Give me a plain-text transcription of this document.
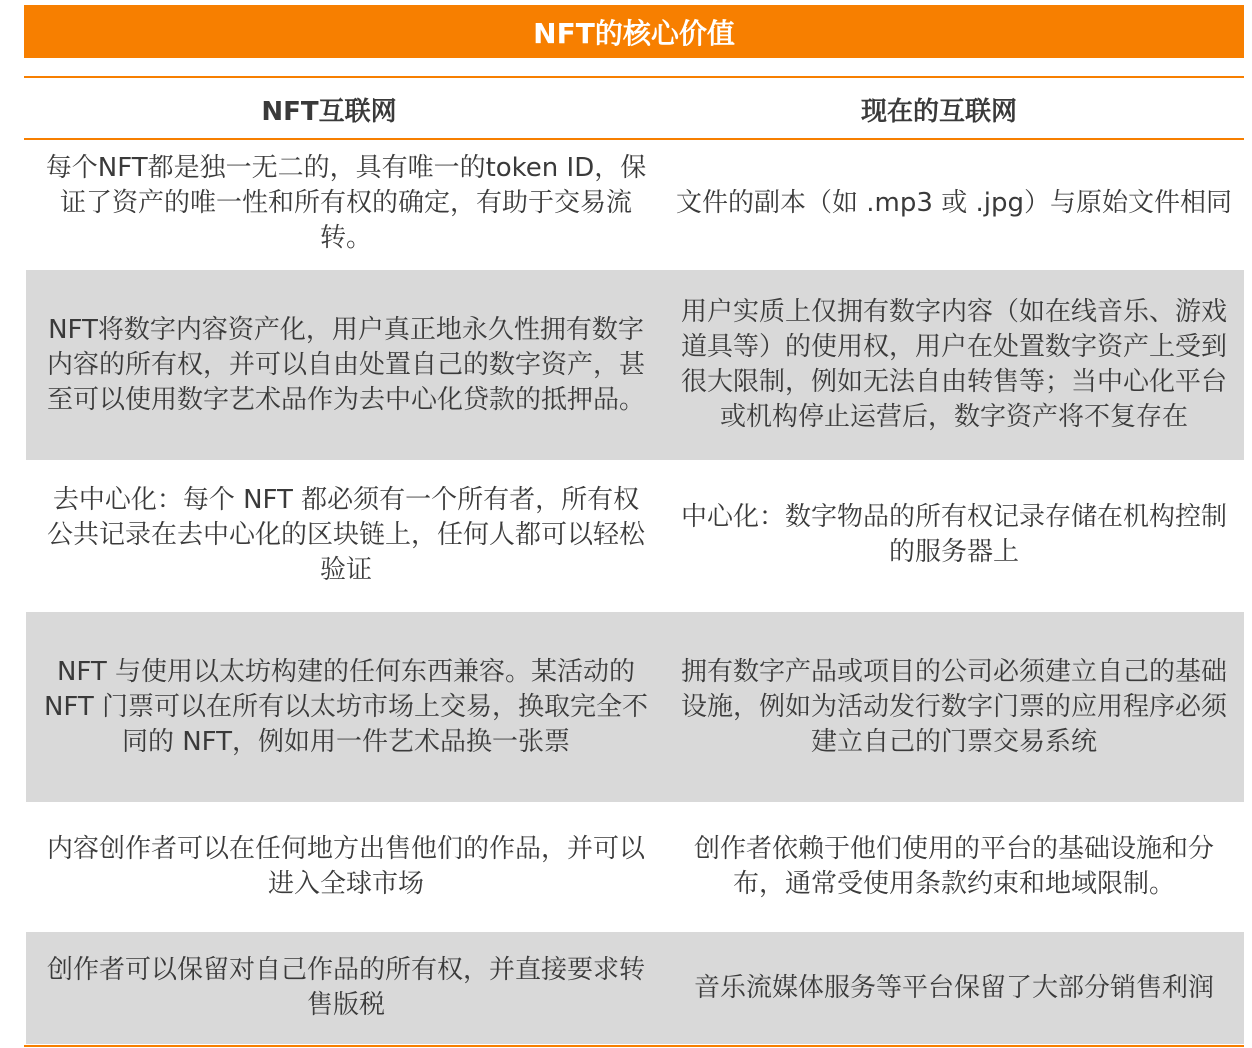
NFT的核心价值
NFT互联网	现在的互联网
每个NFT都是独一无二的，具有唯一的token ID，保证了资产的唯一性和所有权的确定，有助于交易流转。
文件的副本（如 .mp3 或 .jpg）与原始文件相同
NFT将数字内容资产化，用户真正地永久性拥有数字内容的所有权，并可以自由处置自己的数字资产，甚至可以使用数字艺术品作为去中心化贷款的抵押品。
用户实质上仅拥有数字内容（如在线音乐、游戏道具等）的使用权，用户在处置数字资产上受到很大限制，例如无法自由转售等；当中心化平台或机构停止运营后，数字资产将不复存在
去中心化：每个 NFT 都必须有一个所有者，所有权公共记录在去中心化的区块链上，任何人都可以轻松验证
中心化：数字物品的所有权记录存储在机构控制的服务器上
NFT 与使用以太坊构建的任何东西兼容。某活动的 NFT 门票可以在所有以太坊市场上交易，换取完全不同的 NFT，例如用一件艺术品换一张票
拥有数字产品或项目的公司必须建立自己的基础设施，例如为活动发行数字门票的应用程序必须建立自己的门票交易系统
内容创作者可以在任何地方出售他们的作品，并可以进入全球市场
创作者依赖于他们使用的平台的基础设施和分布，通常受使用条款约束和地域限制。
创作者可以保留对自己作品的所有权，并直接要求转售版税
音乐流媒体服务等平台保留了大部分销售利润
